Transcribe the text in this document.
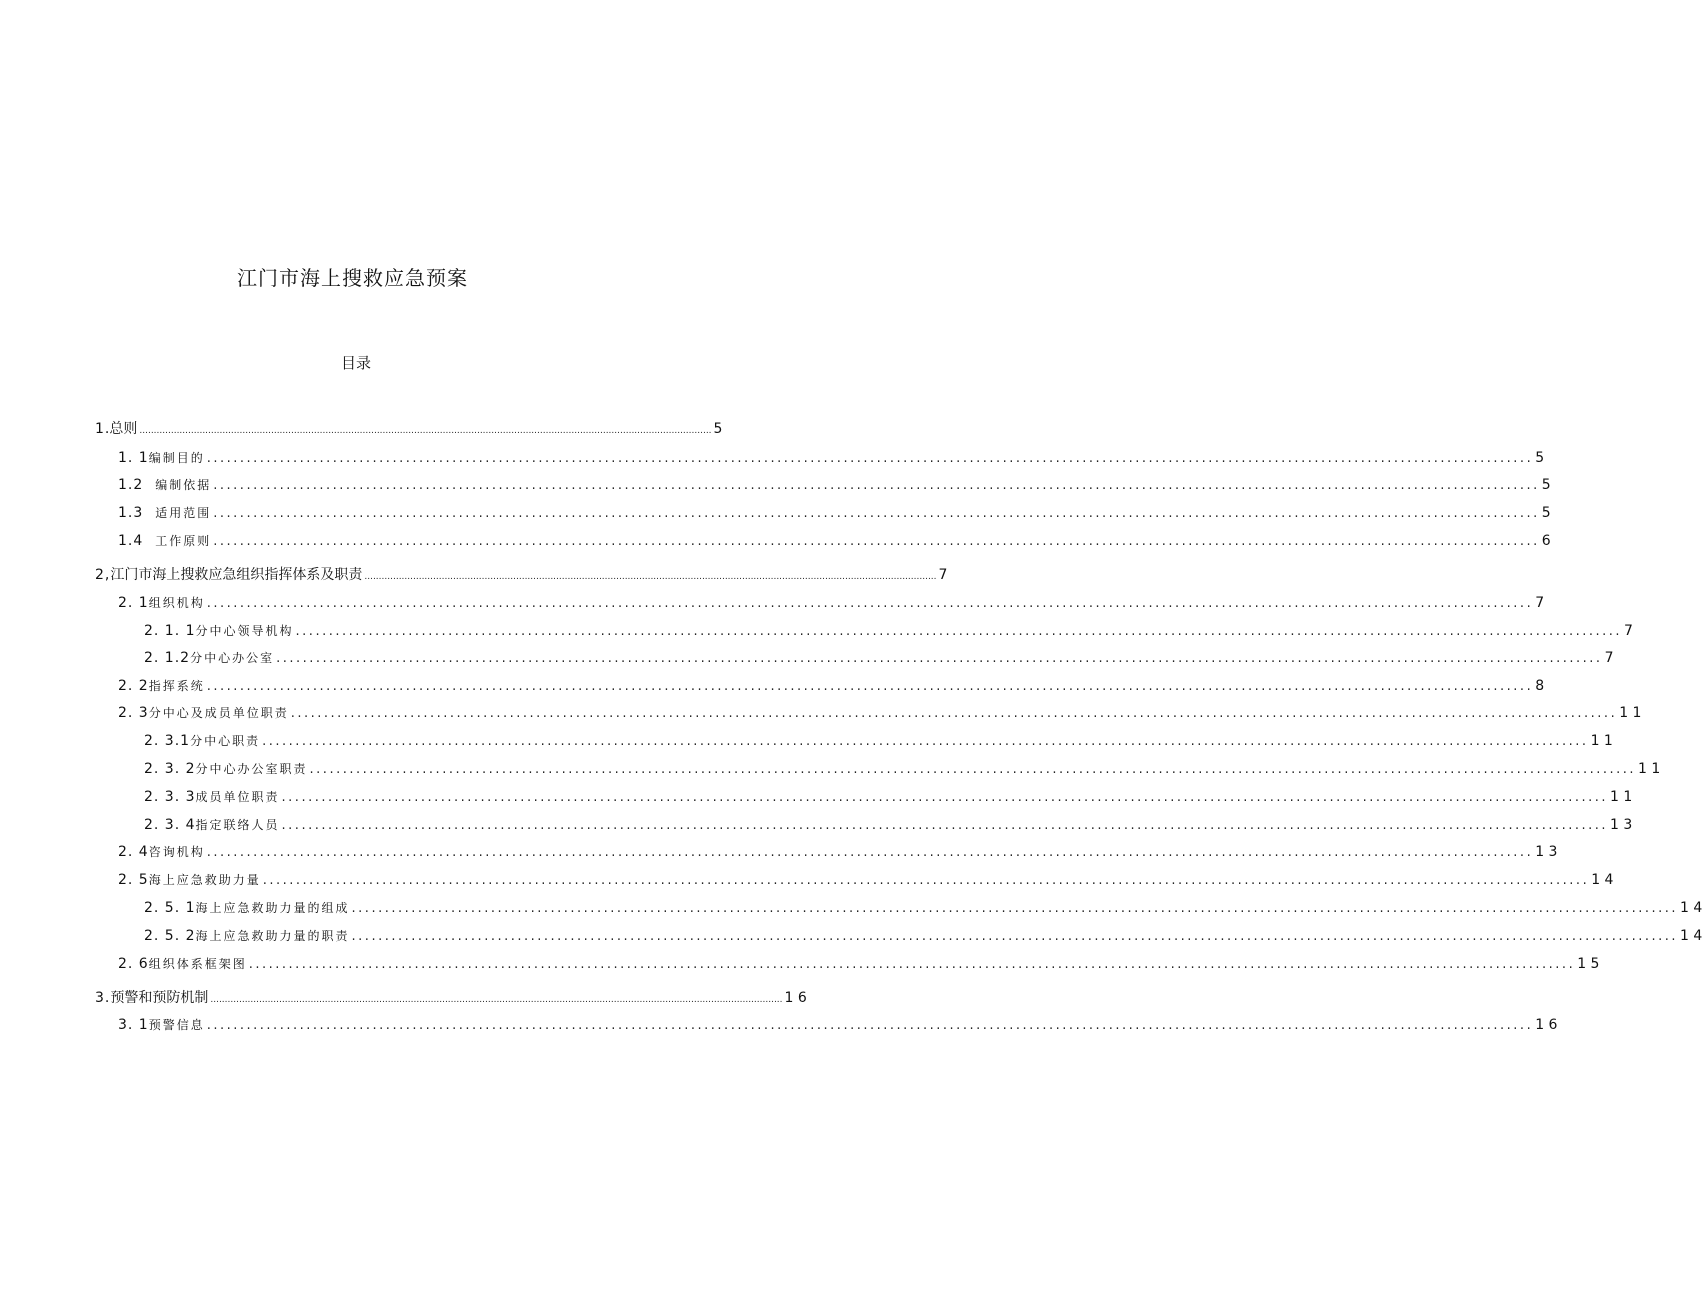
江门市海上搜救应急预案
目录
1.总则 ........................................................................................................................................................................................................ 5
1. 1编制目的 ........................................................................................................................................................................................................ 5
1.2 编制依据 ........................................................................................................................................................................................................ 5
1.3 适用范围 ........................................................................................................................................................................................................ 5
1.4 工作原则 ........................................................................................................................................................................................................ 6
2,江门市海上搜救应急组织指挥体系及职责 ........................................................................................................................................................................................................ 7
2. 1组织机构 ........................................................................................................................................................................................................ 7
2. 1. 1分中心领导机构 ........................................................................................................................................................................................................ 7
2. 1.2分中心办公室 ........................................................................................................................................................................................................ 7
2. 2指挥系统 ........................................................................................................................................................................................................ 8
2. 3分中心及成员单位职责 ........................................................................................................................................................................................................ 1 1
2. 3.1分中心职责 ........................................................................................................................................................................................................ 1 1
2. 3. 2分中心办公室职责 ........................................................................................................................................................................................................ 1 1
2. 3. 3成员单位职责 ........................................................................................................................................................................................................ 1 1
2. 3. 4指定联络人员 ........................................................................................................................................................................................................ 1 3
2. 4咨询机构 ........................................................................................................................................................................................................ 1 3
2. 5海上应急救助力量 ........................................................................................................................................................................................................ 1 4
2. 5. 1海上应急救助力量的组成 ........................................................................................................................................................................................................ 1 4
2. 5. 2海上应急救助力量的职责 ........................................................................................................................................................................................................ 1 4
2. 6组织体系框架图 ........................................................................................................................................................................................................ 1 5
3.预警和预防机制 ........................................................................................................................................................................................................ 1 6
3. 1预警信息 ........................................................................................................................................................................................................ 1 6
